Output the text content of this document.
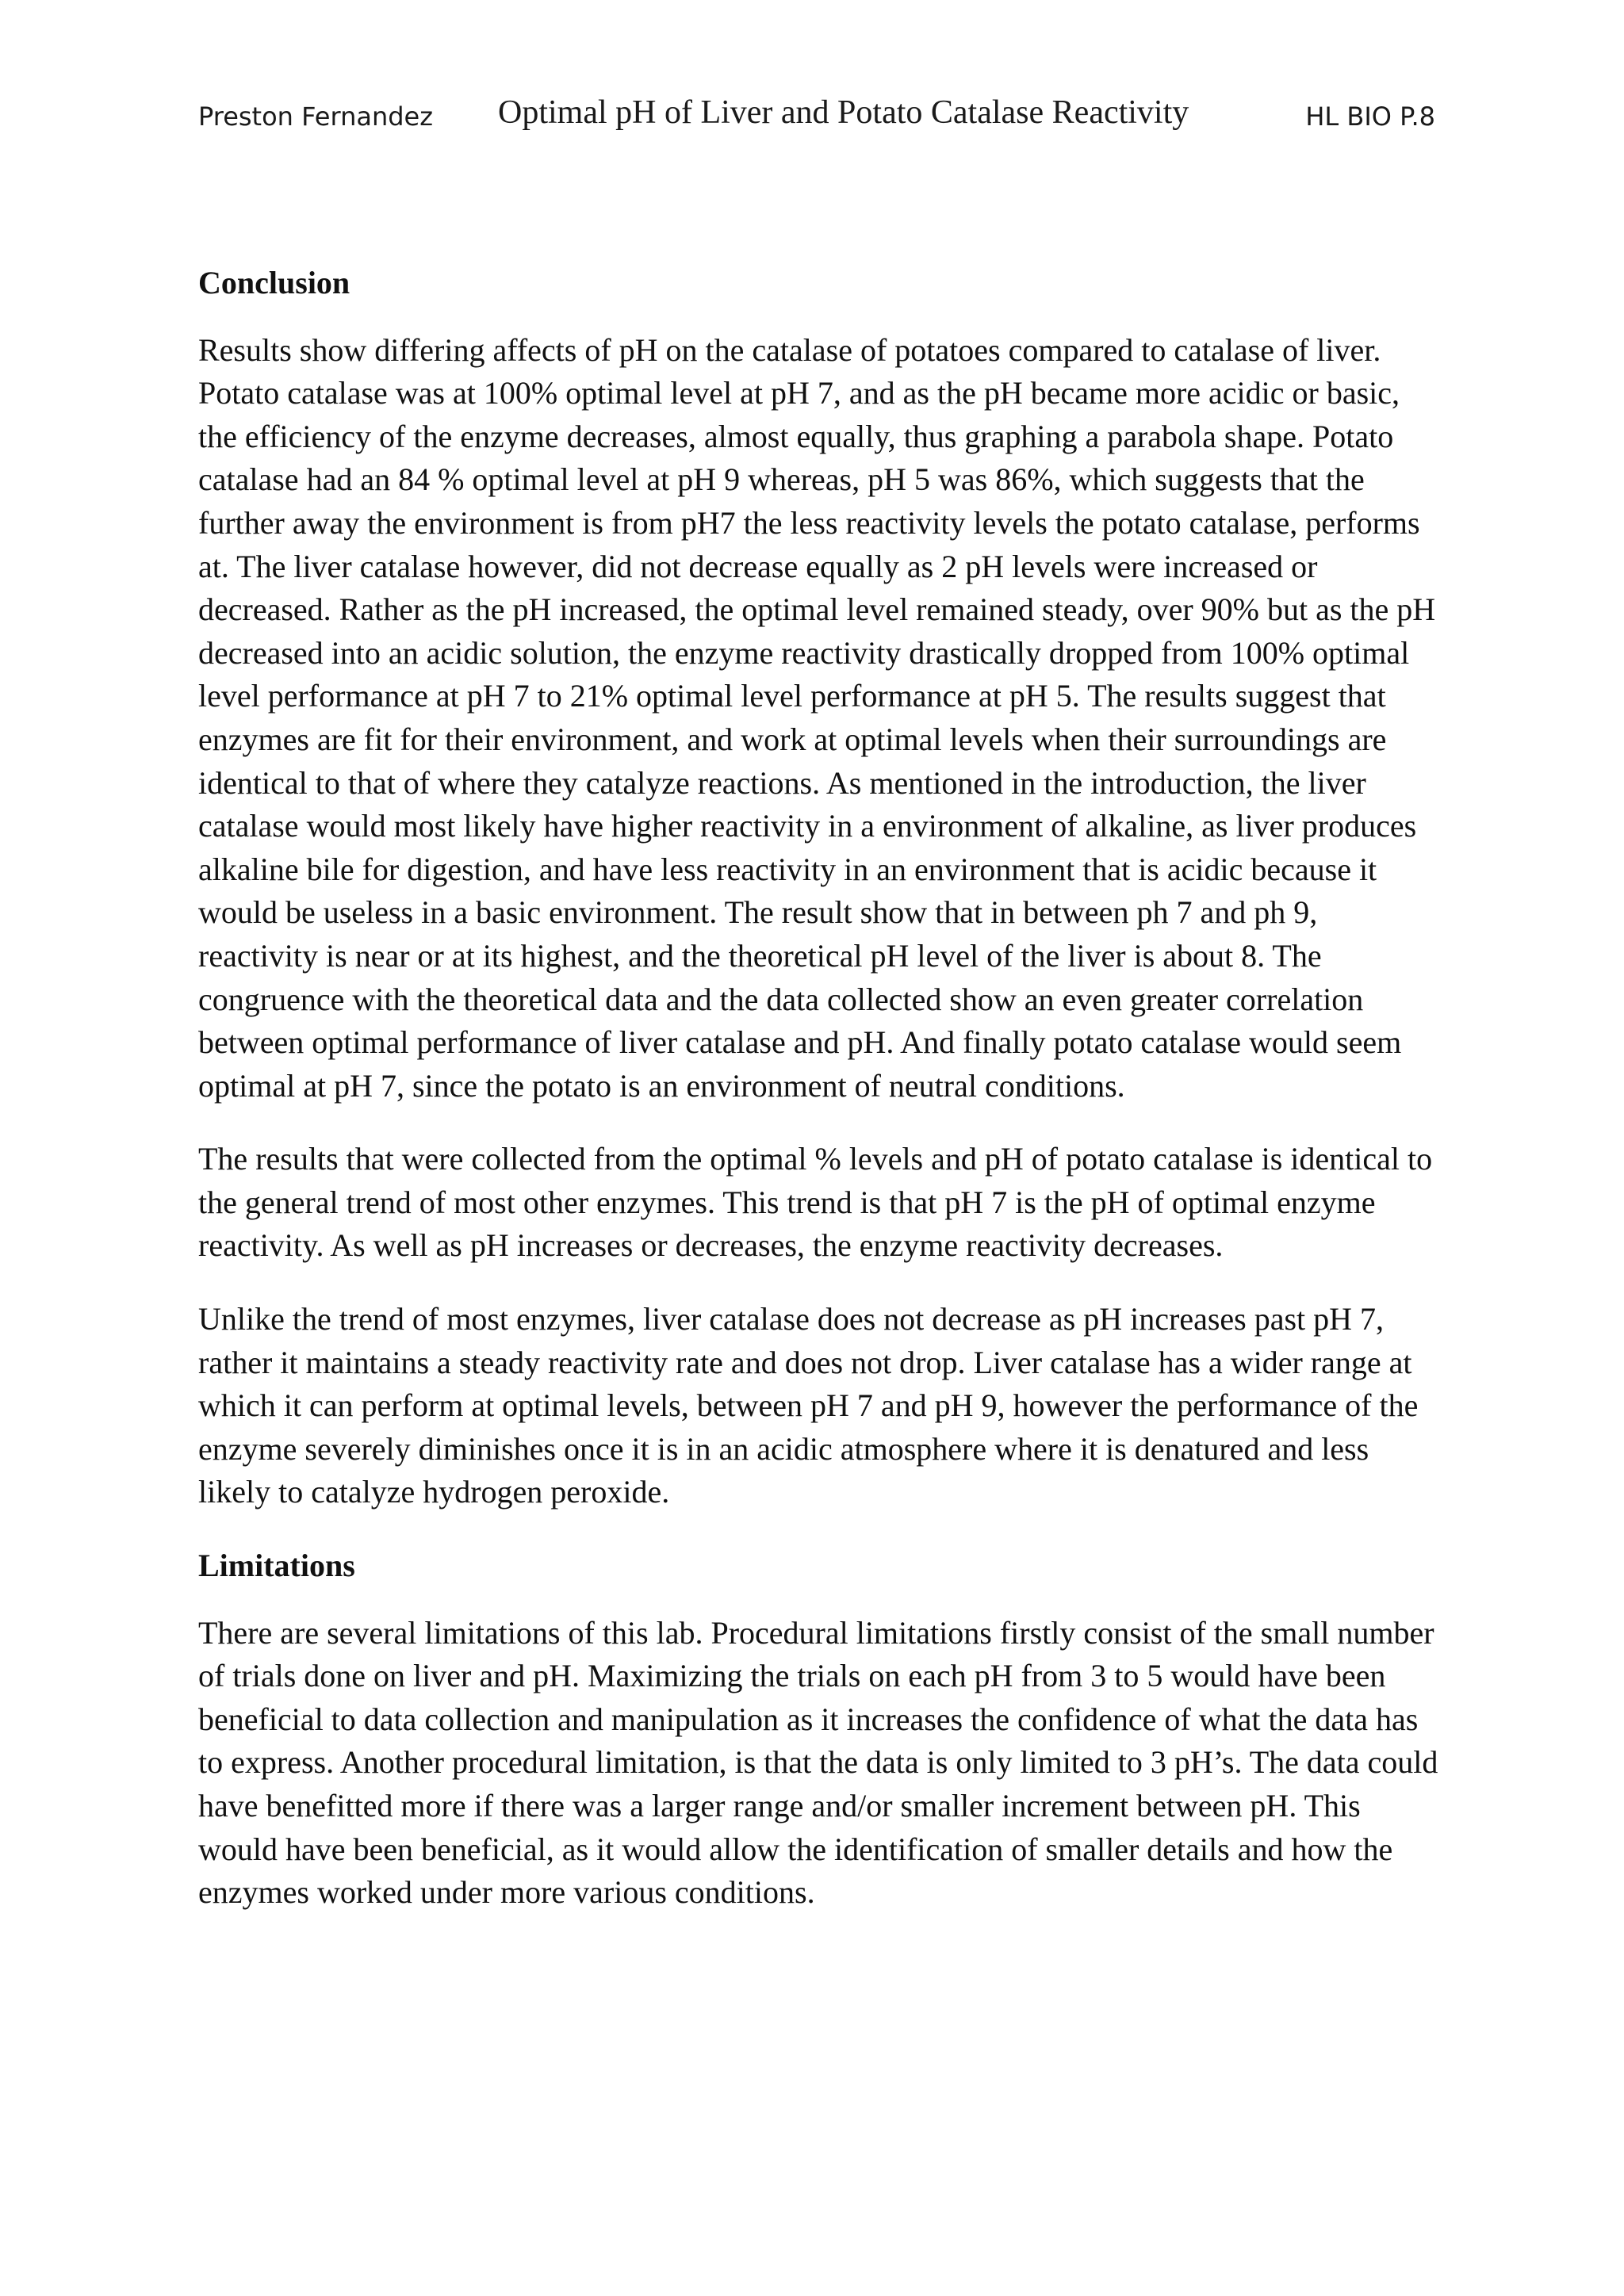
Preston Fernandez Optimal pH of Liver and Potato Catalase Reactivity	HL BIO P.8
Conclusion

Results show differing affects of pH on the catalase of potatoes compared to catalase of liver. Potato catalase was at 100% optimal level at pH 7, and as the pH became more acidic or basic, the efficiency of the enzyme decreases, almost equally, thus graphing a parabola shape. Potato catalase had an 84 % optimal level at pH 9 whereas, pH 5 was 86%, which suggests that the further away the environment is from pH7 the less reactivity levels the potato catalase, performs at. The liver catalase however, did not decrease equally as 2 pH levels were increased or decreased. Rather as the pH increased, the optimal level remained steady, over 90% but as the pH decreased into an acidic solution, the enzyme reactivity drastically dropped from 100% optimal level performance at pH 7 to 21% optimal level performance at pH 5. The results suggest that enzymes are fit for their environment, and work at optimal levels when their surroundings are identical to that of where they catalyze reactions. As mentioned in the introduction, the liver catalase would most likely have higher reactivity in a environment of alkaline, as liver produces alkaline bile for digestion, and have less reactivity in an environment that is acidic because it would be useless in a basic environment. The result show that in between ph 7 and ph 9, reactivity is near or at its highest, and the theoretical pH level of the liver is about 8. The congruence with the theoretical data and the data collected show an even greater correlation between optimal performance of liver catalase and pH. And finally potato catalase would seem optimal at pH 7, since the potato is an environment of neutral conditions.

The results that were collected from the optimal % levels and pH of potato catalase is identical to the general trend of most other enzymes. This trend is that pH 7 is the pH of optimal enzyme reactivity. As well as pH increases or decreases, the enzyme reactivity decreases.

Unlike the trend of most enzymes, liver catalase does not decrease as pH increases past pH 7, rather it maintains a steady reactivity rate and does not drop. Liver catalase has a wider range at which it can perform at optimal levels, between pH 7 and pH 9, however the performance of the enzyme severely diminishes once it is in an acidic atmosphere where it is denatured and less likely to catalyze hydrogen peroxide.

Limitations

There are several limitations of this lab. Procedural limitations firstly consist of the small number of trials done on liver and pH. Maximizing the trials on each pH from 3 to 5 would have been beneficial to data collection and manipulation as it increases the confidence of what the data has to express. Another procedural limitation, is that the data is only limited to 3 pH’s. The data could have benefitted more if there was a larger range and/or smaller increment between pH. This would have been beneficial, as it would allow the identification of smaller details and how the enzymes worked under more various conditions.
